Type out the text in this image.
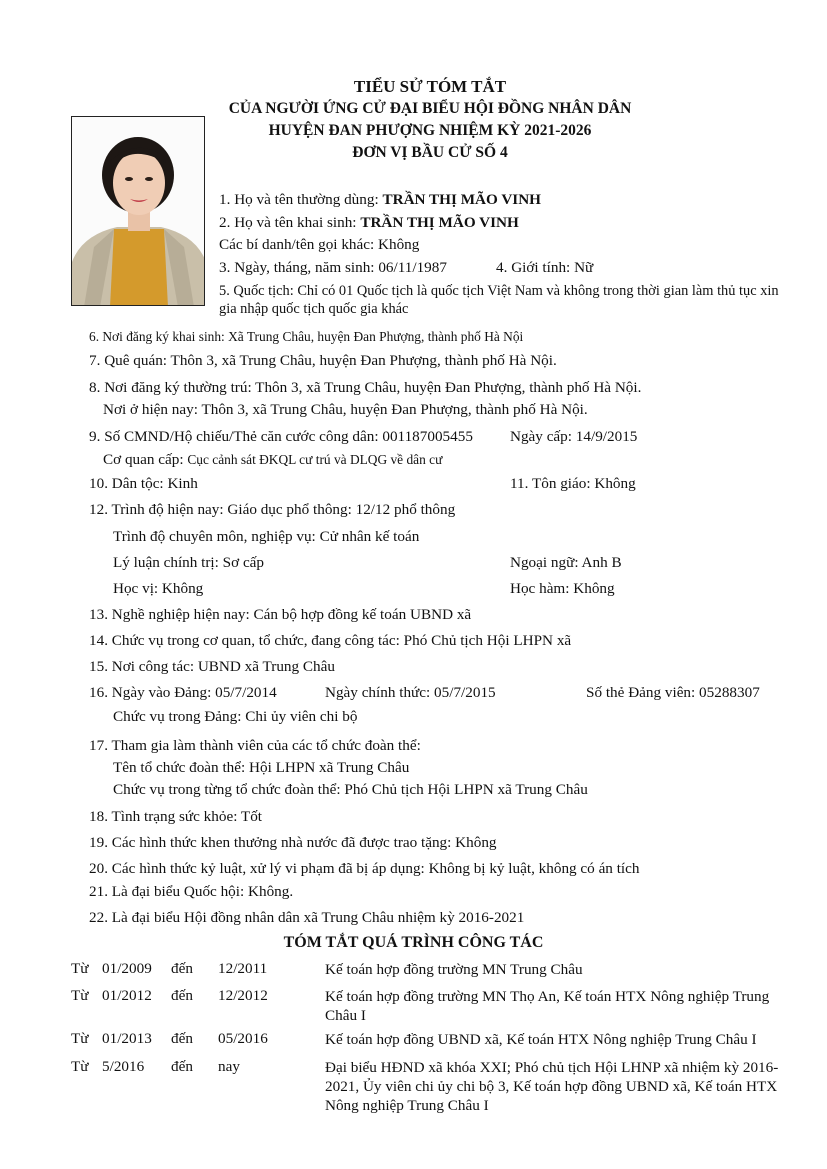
TIỂU SỬ TÓM TẮT
CỦA NGƯỜI ỨNG CỬ ĐẠI BIỂU HỘI ĐỒNG NHÂN DÂN
HUYỆN ĐAN PHƯỢNG NHIỆM KỲ 2021-2026
ĐƠN VỊ BẦU CỬ SỐ 4
1. Họ và tên thường dùng: TRẦN THỊ MÃO VINH
2. Họ và tên khai sinh: TRẦN THỊ MÃO VINH
Các bí danh/tên gọi khác: Không
3. Ngày, tháng, năm sinh: 06/11/1987	4. Giới tính: Nữ
5. Quốc tịch: Chỉ có 01 Quốc tịch là quốc tịch Việt Nam và không trong thời gian làm thủ tục xin gia nhập quốc tịch quốc gia khác
6. Nơi đăng ký khai sinh: Xã Trung Châu, huyện Đan Phượng, thành phố Hà Nội
7. Quê quán: Thôn 3, xã Trung Châu, huyện Đan Phượng, thành phố Hà Nội.
8. Nơi đăng ký thường trú: Thôn 3, xã Trung Châu, huyện Đan Phượng, thành phố Hà Nội.
Nơi ở hiện nay: Thôn 3, xã Trung Châu, huyện Đan Phượng, thành phố Hà Nội.
9. Số CMND/Hộ chiếu/Thẻ căn cước công dân: 001187005455 Ngày cấp: 14/9/2015
Cơ quan cấp: Cục cảnh sát ĐKQL cư trú và DLQG về dân cư
10. Dân tộc: Kinh	11. Tôn giáo: Không
12. Trình độ hiện nay: Giáo dục phổ thông: 12/12 phổ thông
Trình độ chuyên môn, nghiệp vụ: Cử nhân kế toán
Lý luận chính trị: Sơ cấp	Ngoại ngữ: Anh B
Học vị: Không	Học hàm: Không
13. Nghề nghiệp hiện nay: Cán bộ hợp đồng kế toán UBND xã
14. Chức vụ trong cơ quan, tổ chức, đang công tác: Phó Chủ tịch Hội LHPN xã
15. Nơi công tác: UBND xã Trung Châu
16. Ngày vào Đảng: 05/7/2014	Ngày chính thức: 05/7/2015	Số thẻ Đảng viên: 05288307
Chức vụ trong Đảng: Chi ủy viên chi bộ
17. Tham gia làm thành viên của các tổ chức đoàn thể:
Tên tổ chức đoàn thể: Hội LHPN xã Trung Châu
Chức vụ trong từng tổ chức đoàn thể: Phó Chủ tịch Hội LHPN xã Trung Châu
18. Tình trạng sức khỏe: Tốt
19. Các hình thức khen thưởng nhà nước đã được trao tặng: Không
20. Các hình thức kỷ luật, xử lý vi phạm đã bị áp dụng: Không bị kỷ luật, không có án tích
21. Là đại biểu Quốc hội: Không.
22. Là đại biểu Hội đồng nhân dân xã Trung Châu nhiệm kỳ 2016-2021
TÓM TẮT QUÁ TRÌNH CÔNG TÁC
Từ 01/2009 đến 12/2011	Kế toán hợp đồng trường MN Trung Châu
Từ 01/2012 đến 12/2012	Kế toán hợp đồng trường MN Thọ An, Kế toán HTX Nông nghiệp Trung Châu I
Từ 01/2013 đến 05/2016	Kế toán hợp đồng UBND xã, Kế toán HTX Nông nghiệp Trung Châu I
Từ 5/2016 đến nay	Đại biểu HĐND xã khóa XXI; Phó chủ tịch Hội LHNP xã nhiệm kỳ 2016-2021, Ủy viên chi ủy chi bộ 3, Kế toán hợp đồng UBND xã, Kế toán HTX Nông nghiệp Trung Châu I
